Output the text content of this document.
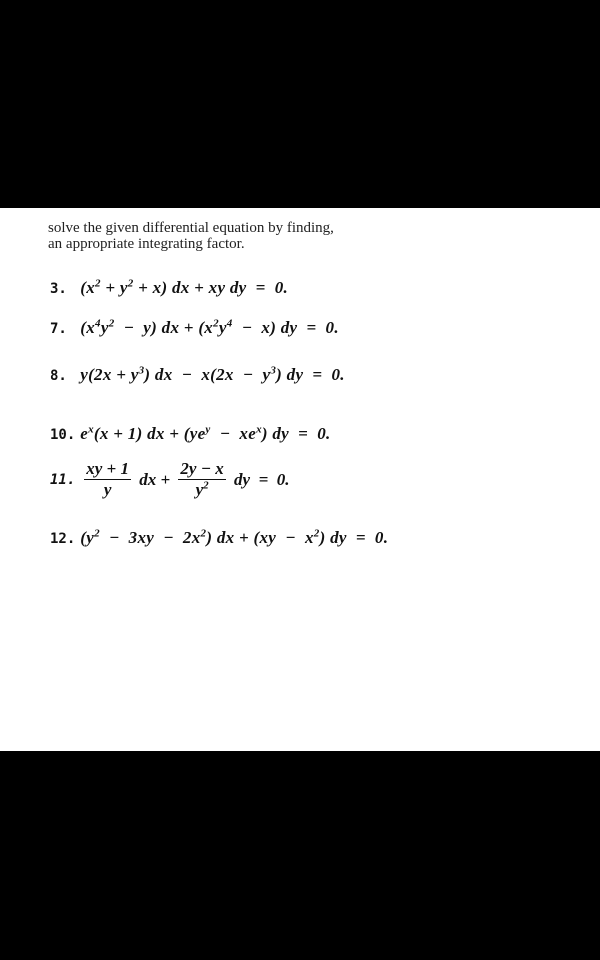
solve the given differential equation by finding,
an appropriate integrating factor.
3. $(x^2 + y^2 + x)$ dx + xy dy  =  0.
7. $(x^4y^2 - y)$ dx + $(x^2y^4 - x)$ dy  =  0.
8. $y(2x + y^3)$ dx  −  $x(2x - y^3)$ dy  =  0.
10. $e^x(x + 1)$ dx + $(ye^y - xe^x)$ dy  =  0.
11. $\frac{xy + 1}{y}$ dx + $\frac{2y - x}{y^2}$ dy  =  0.
12. $(y^2 - 3xy - 2x^2)$ dx + $(xy - x^2)$ dy  =  0.
